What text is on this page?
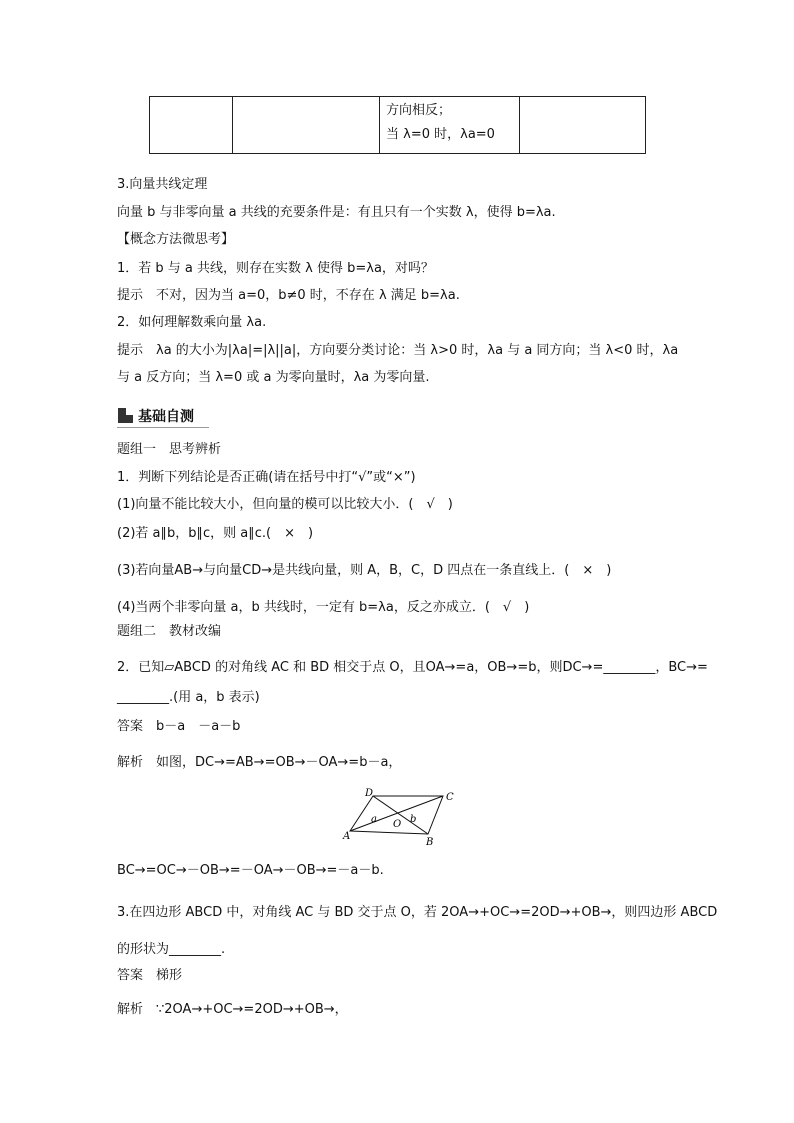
方向相反；
当 λ=0 时，λa=0

3.向量共线定理
向量 b 与非零向量 a 共线的充要条件是：有且只有一个实数 λ，使得 b=λa.
【概念方法微思考】
1．若 b 与 a 共线，则存在实数 λ 使得 b=λa，对吗？
提示　不对，因为当 a=0，b≠0 时，不存在 λ 满足 b=λa.
2．如何理解数乘向量 λa.
提示　λa 的大小为|λa|=|λ||a|，方向要分类讨论：当 λ>0 时，λa 与 a 同方向；当 λ<0 时，λa
与 a 反方向；当 λ=0 或 a 为零向量时，λa 为零向量.
基础自测
题组一　思考辨析
1．判断下列结论是否正确(请在括号中打“√”或“×”)
(1)向量不能比较大小，但向量的模可以比较大小．(　√　)
(2)若 a∥b，b∥c，则 a∥c.(　×　)
(3)若向量AB→与向量CD→是共线向量，则 A，B，C，D 四点在一条直线上．(　×　)
(4)当两个非零向量 a，b 共线时，一定有 b=λa，反之亦成立．(　√　)
题组二　教材改编
2．已知▱ABCD 的对角线 AC 和 BD 相交于点 O，且OA→=a，OB→=b，则DC→=________，BC→=
________.(用 a，b 表示)
答案　b－a　－a－b
解析　如图，DC→=AB→=OB→－OA→=b－a，
BC→=OC→－OB→=－OA→－OB→=－a－b.
3.在四边形 ABCD 中，对角线 AC 与 BD 交于点 O，若 2OA→+OC→=2OD→+OB→，则四边形 ABCD
的形状为________.
答案　梯形
解析　∵2OA→+OC→=2OD→+OB→，
A
B
C
D
O
a	b
